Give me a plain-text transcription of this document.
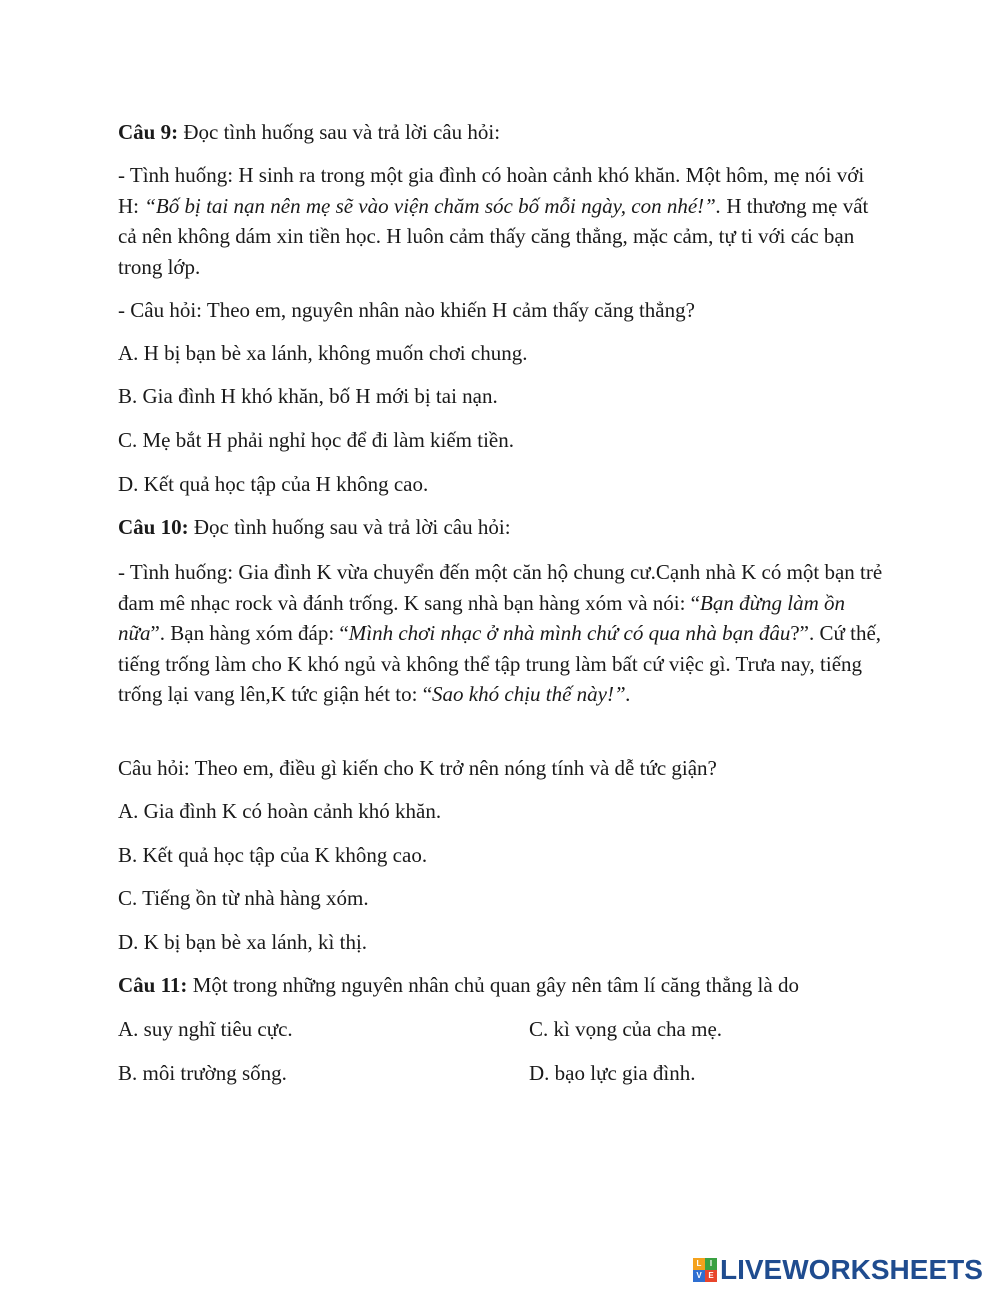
Câu 9: Đọc tình huống sau và trả lời câu hỏi:
- Tình huống: H sinh ra trong một gia đình có hoàn cảnh khó khăn. Một hôm, mẹ nói với H: “Bố bị tai nạn nên mẹ sẽ vào viện chăm sóc bố mỗi ngày, con nhé!”. H thương mẹ vất cả nên không dám xin tiền học. H luôn cảm thấy căng thẳng, mặc cảm, tự ti với các bạn trong lớp.
- Câu hỏi: Theo em, nguyên nhân nào khiến H cảm thấy căng thẳng?
A. H bị bạn bè xa lánh, không muốn chơi chung.
B. Gia đình H khó khăn, bố H mới bị tai nạn.
C. Mẹ bắt H phải nghỉ học để đi làm kiếm tiền.
D. Kết quả học tập của H không cao.
Câu 10: Đọc tình huống sau và trả lời câu hỏi:
- Tình huống: Gia đình K vừa chuyển đến một căn hộ chung cư.Cạnh nhà K có một bạn trẻ đam mê nhạc rock và đánh trống. K sang nhà bạn hàng xóm và nói: “Bạn đừng làm ồn nữa”. Bạn hàng xóm đáp: “Mình chơi nhạc ở nhà mình chứ có qua nhà bạn đâu?”. Cứ thế, tiếng trống làm cho K khó ngủ và không thể tập trung làm bất cứ việc gì. Trưa nay, tiếng trống lại vang lên,K tức giận hét to: “Sao khó chịu thế này!”.
Câu hỏi: Theo em, điều gì kiến cho K trở nên nóng tính và dễ tức giận?
A. Gia đình K có hoàn cảnh khó khăn.
B. Kết quả học tập của K không cao.
C. Tiếng ồn từ nhà hàng xóm.
D. K bị bạn bè xa lánh, kì thị.
Câu 11: Một trong những nguyên nhân chủ quan gây nên tâm lí căng thẳng là do
A. suy nghĩ tiêu cực.	C. kì vọng của cha mẹ.
B. môi trường sống.	D. bạo lực gia đình.
L	I
V E LIVEWORKSHEETS
